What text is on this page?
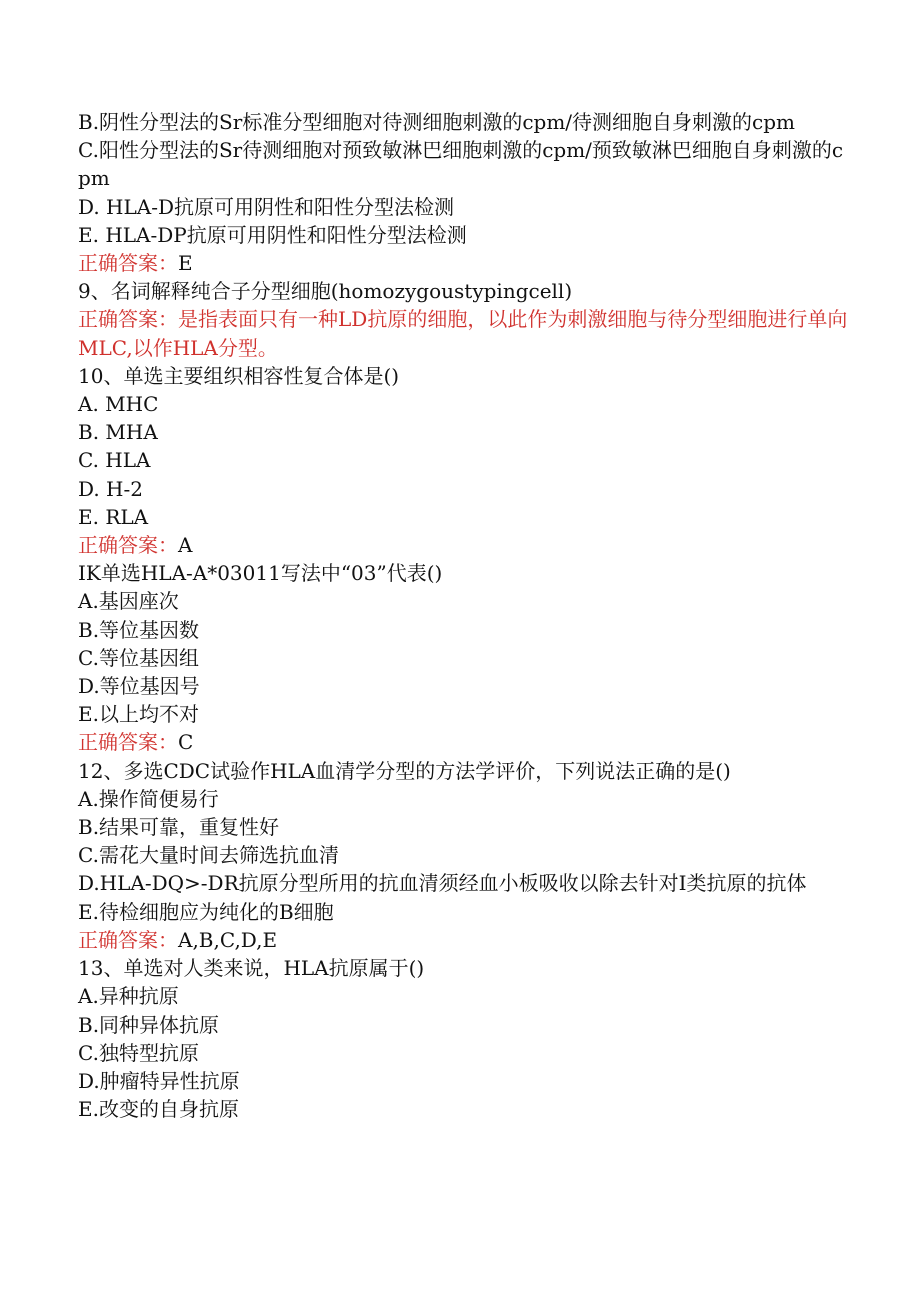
B.阴性分型法的Sr标准分型细胞对待测细胞刺激的cpm/待测细胞自身刺激的cpm
C.阳性分型法的Sr待测细胞对预致敏淋巴细胞刺激的cpm/预致敏淋巴细胞自身刺激的cpm
D. HLA-D抗原可用阴性和阳性分型法检测
E. HLA-DP抗原可用阴性和阳性分型法检测
正确答案：E
9、名词解释纯合子分型细胞(homozygoustypingcell)
正确答案：是指表面只有一种LD抗原的细胞，以此作为刺激细胞与待分型细胞进行单向MLC,以作HLA分型。
10、单选主要组织相容性复合体是()
A. MHC
B. MHA
C. HLA
D. H-2
E. RLA
正确答案：A
IK单选HLA-A*03011写法中“03”代表()
A.基因座次
B.等位基因数
C.等位基因组
D.等位基因号
E.以上均不对
正确答案：C
12、多选CDC试验作HLA血清学分型的方法学评价，下列说法正确的是()
A.操作简便易行
B.结果可靠，重复性好
C.需花大量时间去筛选抗血清
D.HLA-DQ>-DR抗原分型所用的抗血清须经血小板吸收以除去针对I类抗原的抗体
E.待检细胞应为纯化的B细胞
正确答案：A,B,C,D,E
13、单选对人类来说，HLA抗原属于()
A.异种抗原
B.同种异体抗原
C.独特型抗原
D.肿瘤特异性抗原
E.改变的自身抗原
